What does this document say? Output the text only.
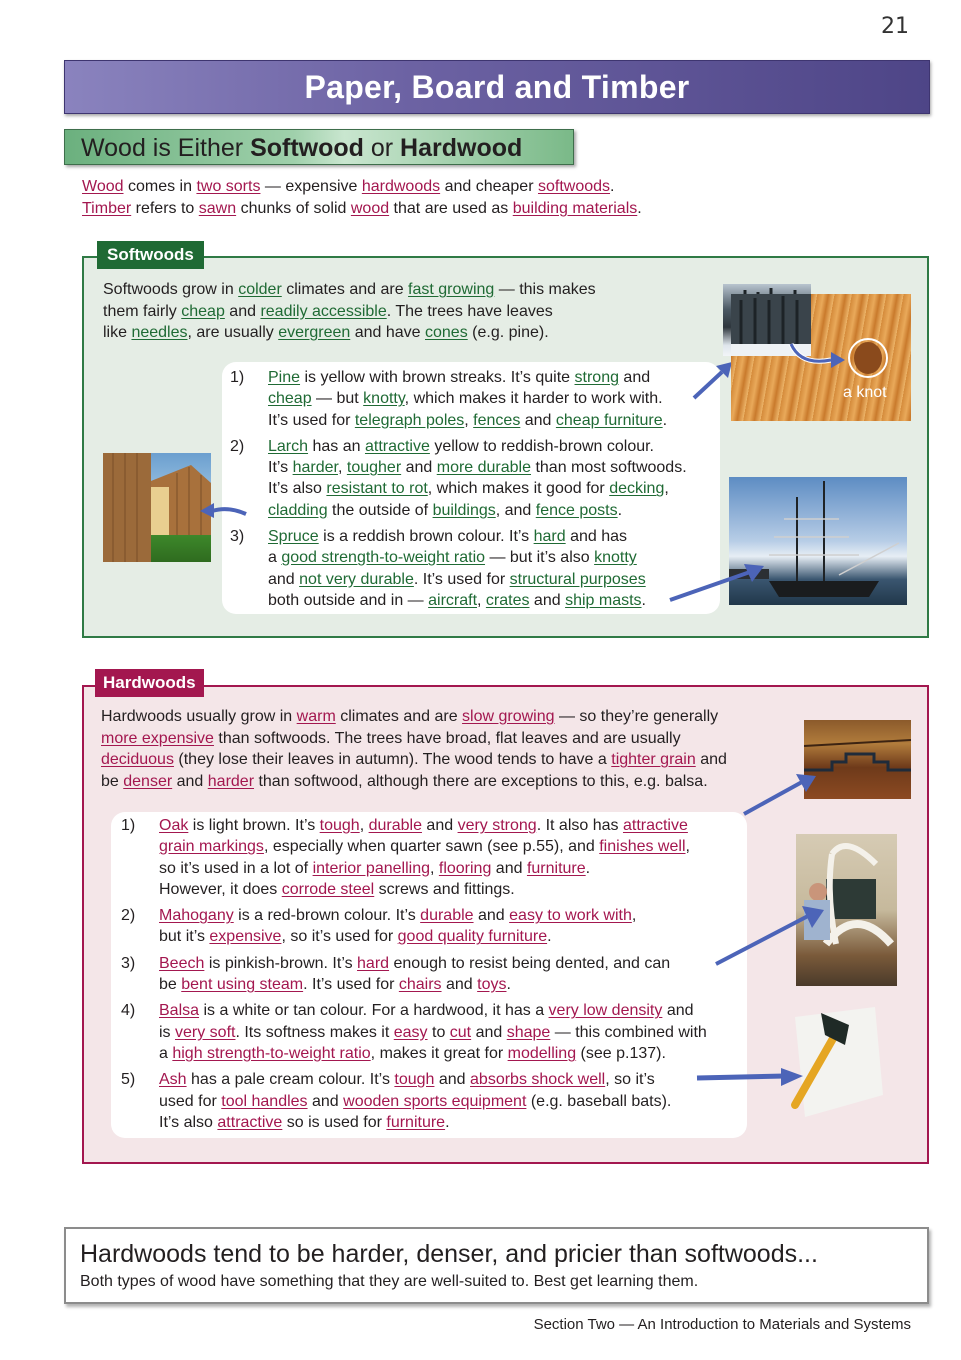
21
Paper, Board and Timber
Wood is Either Softwood or Hardwood
Wood comes in two sorts — expensive hardwoods and cheaper softwoods.
Timber refers to sawn chunks of solid wood that are used as building materials.
Softwoods
Softwoods grow in colder climates and are fast growing — this makes
them fairly cheap and readily accessible. The trees have leaves
like needles, are usually evergreen and have cones (e.g. pine).
1) Pine is yellow with brown streaks. It’s quite strong and
cheap — but knotty, which makes it harder to work with.
It’s used for telegraph poles, fences and cheap furniture.
2) Larch has an attractive yellow to reddish-brown colour.
It’s harder, tougher and more durable than most softwoods.
It’s also resistant to rot, which makes it good for decking,
cladding the outside of buildings, and fence posts.
3) Spruce is a reddish brown colour. It’s hard and has
a good strength-to-weight ratio — but it’s also knotty
and not very durable. It’s used for structural purposes
both outside and in — aircraft, crates and ship masts.
a knot
Hardwoods
Hardwoods usually grow in warm climates and are slow growing — so they’re generally
more expensive than softwoods. The trees have broad, flat leaves and are usually
deciduous (they lose their leaves in autumn). The wood tends to have a tighter grain and
be denser and harder than softwood, although there are exceptions to this, e.g. balsa.
1) Oak is light brown. It’s tough, durable and very strong. It also has attractive
grain markings, especially when quarter sawn (see p.55), and finishes well,
so it’s used in a lot of interior panelling, flooring and furniture.
However, it does corrode steel screws and fittings.
2) Mahogany is a red-brown colour. It’s durable and easy to work with,
but it’s expensive, so it’s used for good quality furniture.
3) Beech is pinkish-brown. It’s hard enough to resist being dented, and can
be bent using steam. It’s used for chairs and toys.
4) Balsa is a white or tan colour. For a hardwood, it has a very low density and
is very soft. Its softness makes it easy to cut and shape — this combined with
a high strength-to-weight ratio, makes it great for modelling (see p.137).
5) Ash has a pale cream colour. It’s tough and absorbs shock well, so it’s
used for tool handles and wooden sports equipment (e.g. baseball bats).
It’s also attractive so is used for furniture.
Hardwoods tend to be harder, denser, and pricier than softwoods...
Both types of wood have something that they are well-suited to. Best get learning them.
Section Two — An Introduction to Materials and Systems
